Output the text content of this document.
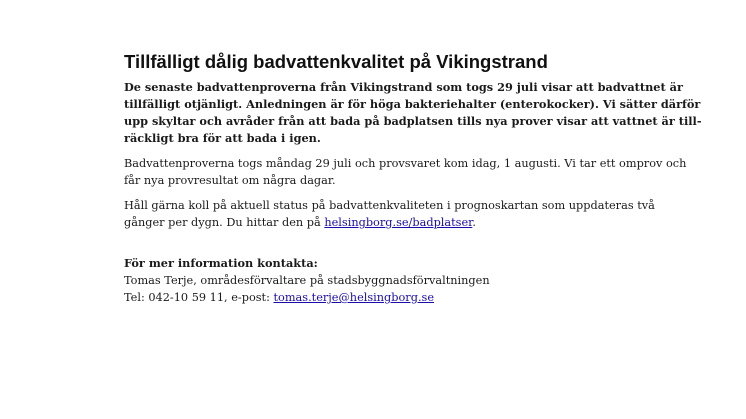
Tillfälligt dålig badvattenkvalitet på Vikingstrand

De senaste badvattenproverna från Vikingstrand som togs 29 juli visar att badvattnet är
tillfälligt otjänligt. Anledningen är för höga bakteriehalter (enterokocker). Vi sätter därför
upp skyltar och avråder från att bada på badplatsen tills nya prover visar att vattnet är till-
räckligt bra för att bada i igen.

Badvattenproverna togs måndag 29 juli och provsvaret kom idag, 1 augusti. Vi tar ett omprov och
får nya provresultat om några dagar.

Håll gärna koll på aktuell status på badvattenkvaliteten i prognoskartan som uppdateras två
gånger per dygn. Du hittar den på helsingborg.se/badplatser.

För mer information kontakta:
Tomas Terje, områdesförvaltare på stadsbyggnadsförvaltningen
Tel: 042-10 59 11, e-post: tomas.terje@helsingborg.se
